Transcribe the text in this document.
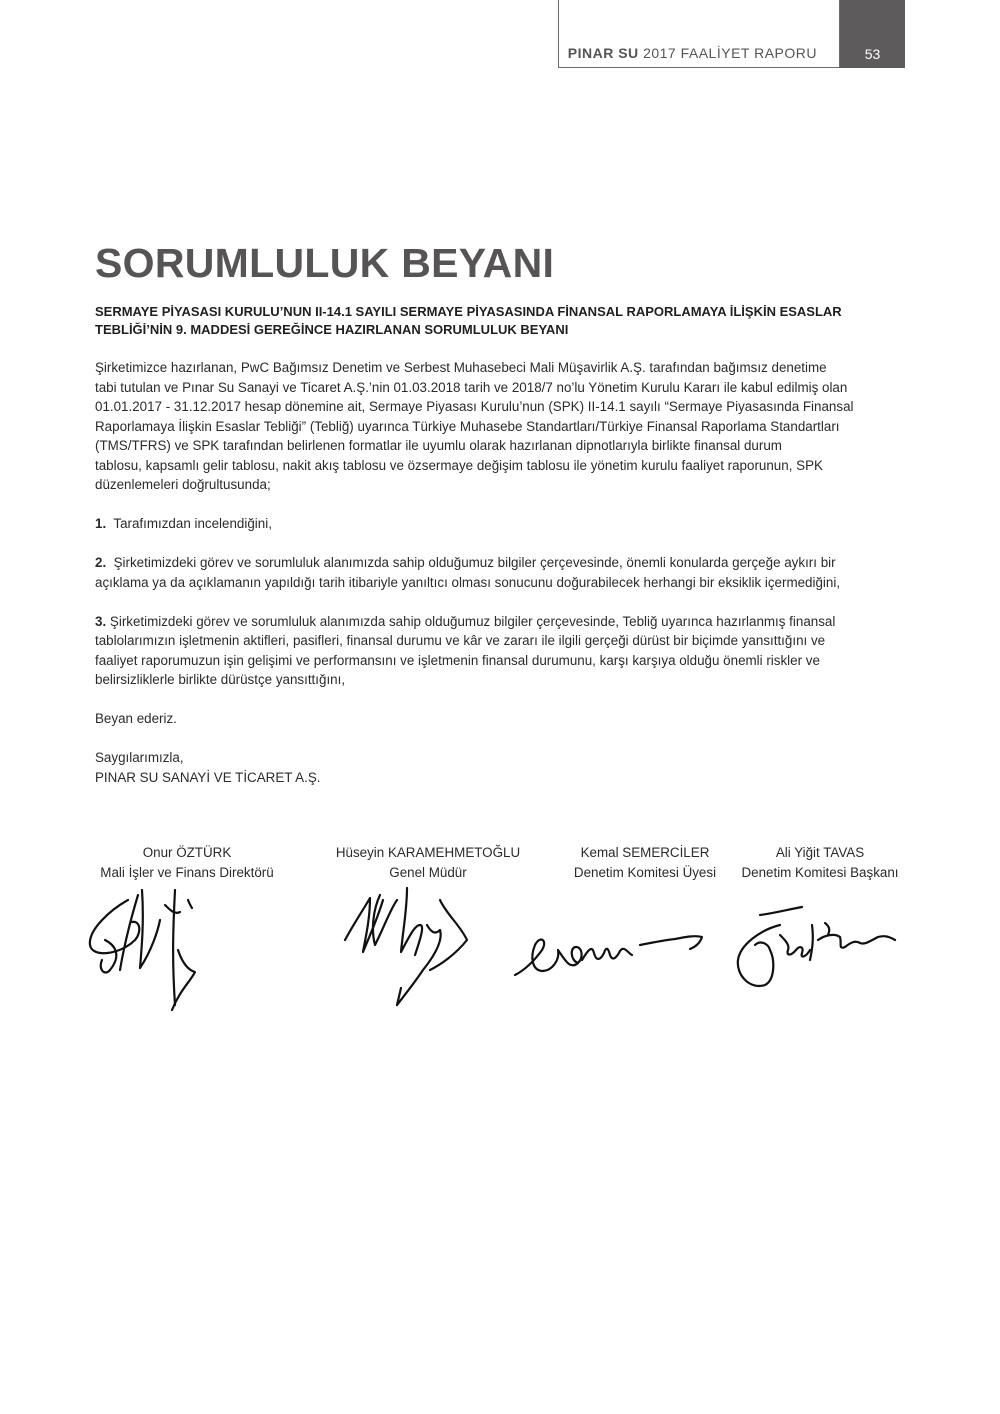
PINAR SU 2017 FAALİYET RAPORU	53
SORUMLULUK BEYANI
SERMAYE PİYASASI KURULU’NUN II-14.1 SAYILI SERMAYE PİYASASINDA FİNANSAL RAPORLAMAYA İLİŞKİN ESASLAR
TEBLİĞİ’NİN 9. MADDESİ GEREĞİNCE HAZIRLANAN SORUMLULUK BEYANI

Şirketimizce hazırlanan, PwC Bağımsız Denetim ve Serbest Muhasebeci Mali Müşavirlik A.Ş. tarafından bağımsız denetime

tabi tutulan ve Pınar Su Sanayi ve Ticaret A.Ş.’nin 01.03.2018 tarih ve 2018/7 no’lu Yönetim Kurulu Kararı ile kabul edilmiş olan

01.01.2017 - 31.12.2017 hesap dönemine ait, Sermaye Piyasası Kurulu’nun (SPK) II-14.1 sayılı “Sermaye Piyasasında Finansal

Raporlamaya İlişkin Esaslar Tebliği” (Tebliğ) uyarınca Türkiye Muhasebe Standartları/Türkiye Finansal Raporlama Standartları

(TMS/TFRS) ve SPK tarafından belirlenen formatlar ile uyumlu olarak hazırlanan dipnotlarıyla birlikte finansal durum

tablosu, kapsamlı gelir tablosu, nakit akış tablosu ve özsermaye değişim tablosu ile yönetim kurulu faaliyet raporunun, SPK

düzenlemeleri doğrultusunda;

1. Tarafımızdan incelendiğini,

2. Şirketimizdeki görev ve sorumluluk alanımızda sahip olduğumuz bilgiler çerçevesinde, önemli konularda gerçeğe aykırı bir

açıklama ya da açıklamanın yapıldığı tarih itibariyle yanıltıcı olması sonucunu doğurabilecek herhangi bir eksiklik içermediğini,

3. Şirketimizdeki görev ve sorumluluk alanımızda sahip olduğumuz bilgiler çerçevesinde, Tebliğ uyarınca hazırlanmış finansal

tablolarımızın işletmenin aktifleri, pasifleri, finansal durumu ve kâr ve zararı ile ilgili gerçeği dürüst bir biçimde yansıttığını ve

faaliyet raporumuzun işin gelişimi ve performansını ve işletmenin finansal durumunu, karşı karşıya olduğu önemli riskler ve

belirsizliklerle birlikte dürüstçe yansıttığını,

Beyan ederiz.

Saygılarımızla,

PINAR SU SANAYİ VE TİCARET A.Ş.

Onur ÖZTÜRK
Mali İşler ve Finans Direktörü
Hüseyin KARAMEHMETOĞLU
Genel Müdür
Kemal SEMERCİLER
Denetim Komitesi Üyesi
Ali Yiğit TAVAS
Denetim Komitesi Başkanı
